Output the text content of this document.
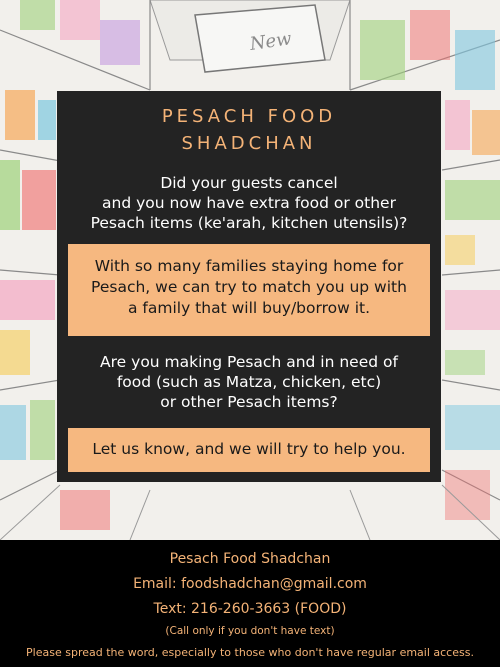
New
PESACH FOOD
SHADCHAN
Did your guests cancel
and you now have extra food or other
Pesach items (ke'arah, kitchen utensils)?
With so many families staying home for
Pesach, we can try to match you up with
a family that will buy/borrow it.
Are you making Pesach and in need of
food (such as Matza, chicken, etc)
or other Pesach items?
Let us know, and we will try to help you.
Pesach Food Shadchan
Email: foodshadchan@gmail.com
Text: 216-260-3663 (FOOD)
(Call only if you don't have text)
Please spread the word, especially to those who don't have regular email access.
